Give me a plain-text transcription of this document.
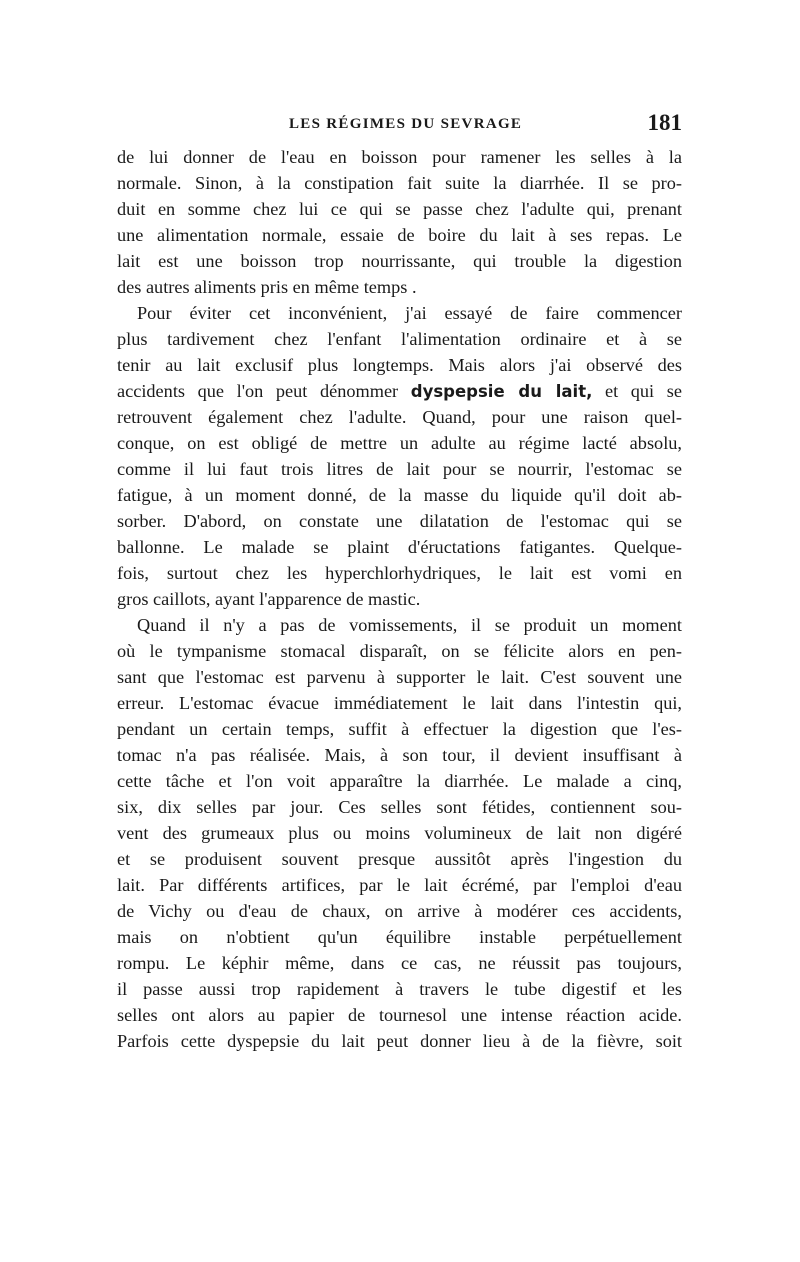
LES RÉGIMES DU SEVRAGE	181
de lui donner de l'eau en boisson pour ramener les selles à la
normale. Sinon, à la constipation fait suite la diarrhée. Il se pro-
duit en somme chez lui ce qui se passe chez l'adulte qui, prenant
une alimentation normale, essaie de boire du lait à ses repas. Le
lait est une boisson trop nourrissante, qui trouble la digestion
des autres aliments pris en même temps .
Pour éviter cet inconvénient, j'ai essayé de faire commencer
plus tardivement chez l'enfant l'alimentation ordinaire et à se
tenir au lait exclusif plus longtemps. Mais alors j'ai observé des
accidents que l'on peut dénommer dyspepsie du lait, et qui se
retrouvent également chez l'adulte. Quand, pour une raison quel-
conque, on est obligé de mettre un adulte au régime lacté absolu,
comme il lui faut trois litres de lait pour se nourrir, l'estomac se
fatigue, à un moment donné, de la masse du liquide qu'il doit ab-
sorber. D'abord, on constate une dilatation de l'estomac qui se
ballonne. Le malade se plaint d'éructations fatigantes. Quelque-
fois, surtout chez les hyperchlorhydriques, le lait est vomi en
gros caillots, ayant l'apparence de mastic.
Quand il n'y a pas de vomissements, il se produit un moment
où le tympanisme stomacal disparaît, on se félicite alors en pen-
sant que l'estomac est parvenu à supporter le lait. C'est souvent une
erreur. L'estomac évacue immédiatement le lait dans l'intestin qui,
pendant un certain temps, suffit à effectuer la digestion que l'es-
tomac n'a pas réalisée. Mais, à son tour, il devient insuffisant à
cette tâche et l'on voit apparaître la diarrhée. Le malade a cinq,
six, dix selles par jour. Ces selles sont fétides, contiennent sou-
vent des grumeaux plus ou moins volumineux de lait non digéré
et se produisent souvent presque aussitôt après l'ingestion du
lait. Par différents artifices, par le lait écrémé, par l'emploi d'eau
de Vichy ou d'eau de chaux, on arrive à modérer ces accidents,
mais on n'obtient qu'un équilibre instable perpétuellement
rompu. Le képhir même, dans ce cas, ne réussit pas toujours,
il passe aussi trop rapidement à travers le tube digestif et les
selles ont alors au papier de tournesol une intense réaction acide.
Parfois cette dyspepsie du lait peut donner lieu à de la fièvre, soit
